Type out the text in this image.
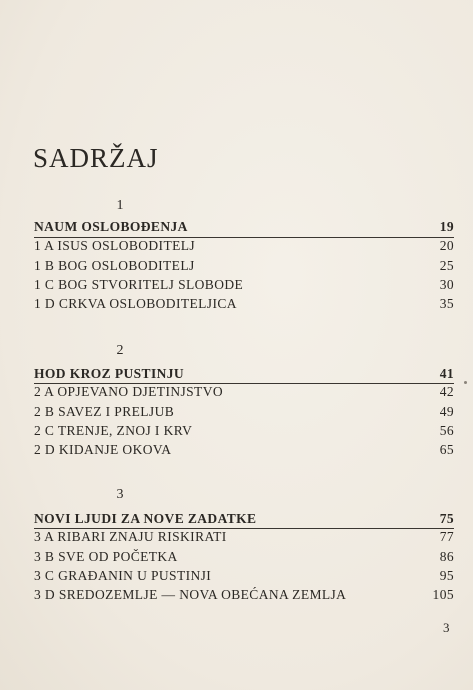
SADRŽAJ
1
NAUM OSLOBOĐENJA	19
1 A ISUS OSLOBODITELJ	20
1 B BOG OSLOBODITELJ	25
1 C BOG STVORITELJ SLOBODE	30
1 D CRKVA OSLOBODITELJICA	35
2
HOD KROZ PUSTINJU	41
2 A OPJEVANO DJETINJSTVO	42
2 B SAVEZ I PRELJUB	49
2 C TRENJE, ZNOJ I KRV	56
2 D KIDANJE OKOVA	65
3
NOVI LJUDI ZA NOVE ZADATKE	75
3 A RIBARI ZNAJU RISKIRATI	77
3 B SVE OD POČETKA	86
3 C GRAĐANIN U PUSTINJI	95
3 D SREDOZEMLJE — NOVA OBEĆANA ZEMLJA	105
3
